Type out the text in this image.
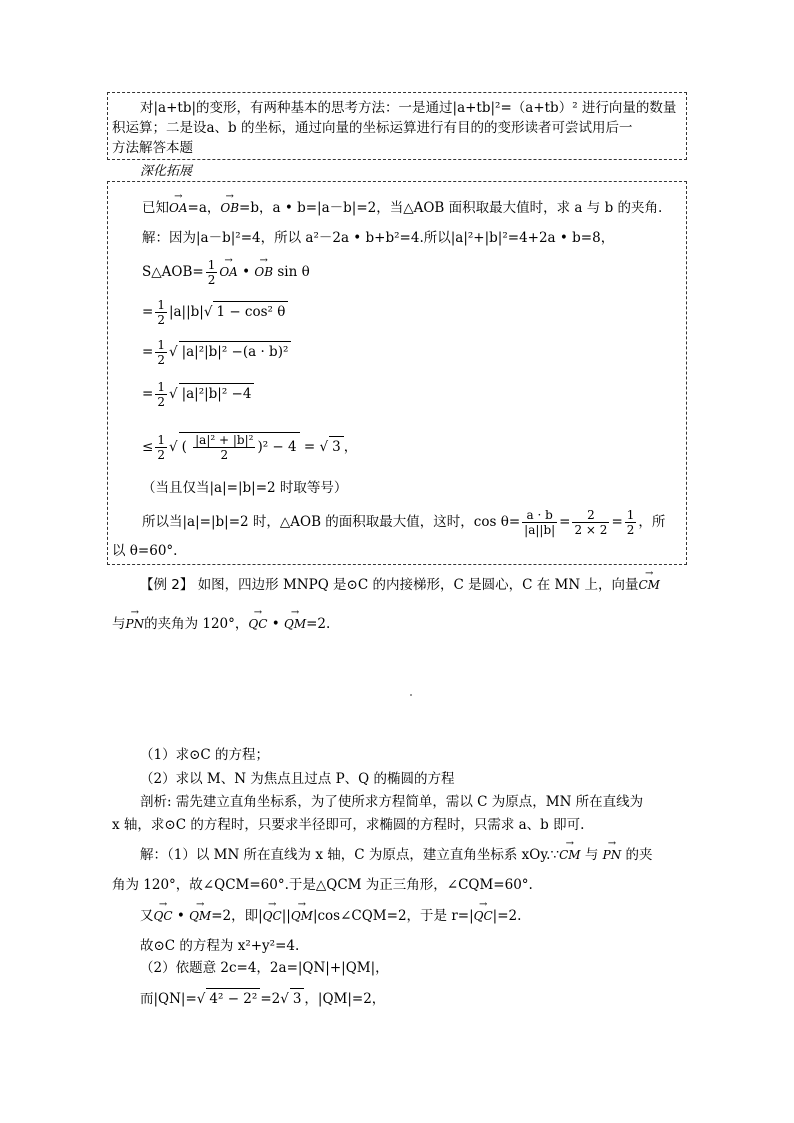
对|a+tb|的变形，有两种基本的思考方法：一是通过|a+tb|²=（a+tb）² 进行向量的数量
积运算；二是设a、b 的坐标，通过向量的坐标运算进行有目的的变形读者可尝试用后一
方法解答本题
深化拓展
已知→ OA=a，→ OB=b，a • b=|a－b|=2，当△AOB 面积取最大值时，求 a 与 b 的夹角.
解：因为|a－b|²=4，所以 a²－2a • b+b²=4.所以|a|²+|b|²=4+2a • b=8，
S△AOB= $\frac{1}{2}$ → OA • → OB sin θ
= $\frac{1}{2} |a||b|√$ 1 − cos² θ
= $\frac{1}{2}$ √ |a|²|b|² −(a · b)²
= $\frac{1}{2}$ √ |a|²|b|² −4
≤ $\frac{1}{2}$ √ ( $\frac{\text{|a|² + |b|²}}{2} )^2 - 4$ = √ 3 ，
（当且仅当|a|=|b|=2 时取等号）
所以当|a|=|b|=2 时，△AOB 的面积取最大值，这时，$\cos \theta= \frac{a \cdot b}{|a||b|} = \frac{2}{2 \times 2} = \frac{1}{2}$ ，所
以 θ=60°.
【例 2】 如图，四边形 MNPQ 是⊙C 的内接梯形，C 是圆心，C 在 MN 上，向量→ CM
与→ PN的夹角为 120°，→ QC • → QM=2.
（1）求⊙C 的方程；
（2）求以 M、N 为焦点且过点 P、Q 的椭圆的方程
剖析: 需先建立直角坐标系，为了使所求方程简单，需以 C 为原点，MN 所在直线为
x 轴，求⊙C 的方程时，只要求半径即可，求椭圆的方程时，只需求 a、b 即可.
解：（1）以 MN 所在直线为 x 轴，C 为原点，建立直角坐标系 xOy.∵→ CM 与 → PN 的夹
角为 120°，故∠QCM=60°.于是△QCM 为正三角形，∠CQM=60°.
又→ QC • → QM=2，即|→ QC||→ QM|cos∠CQM=2，于是 r=|→ QC|=2.
故⊙C 的方程为 x²+y²=4.
（2）依题意 2c=4，2a=|QN|+|QM|，
而|QN|=√ 4² − 2² =2√ 3 ，|QM|=2，
